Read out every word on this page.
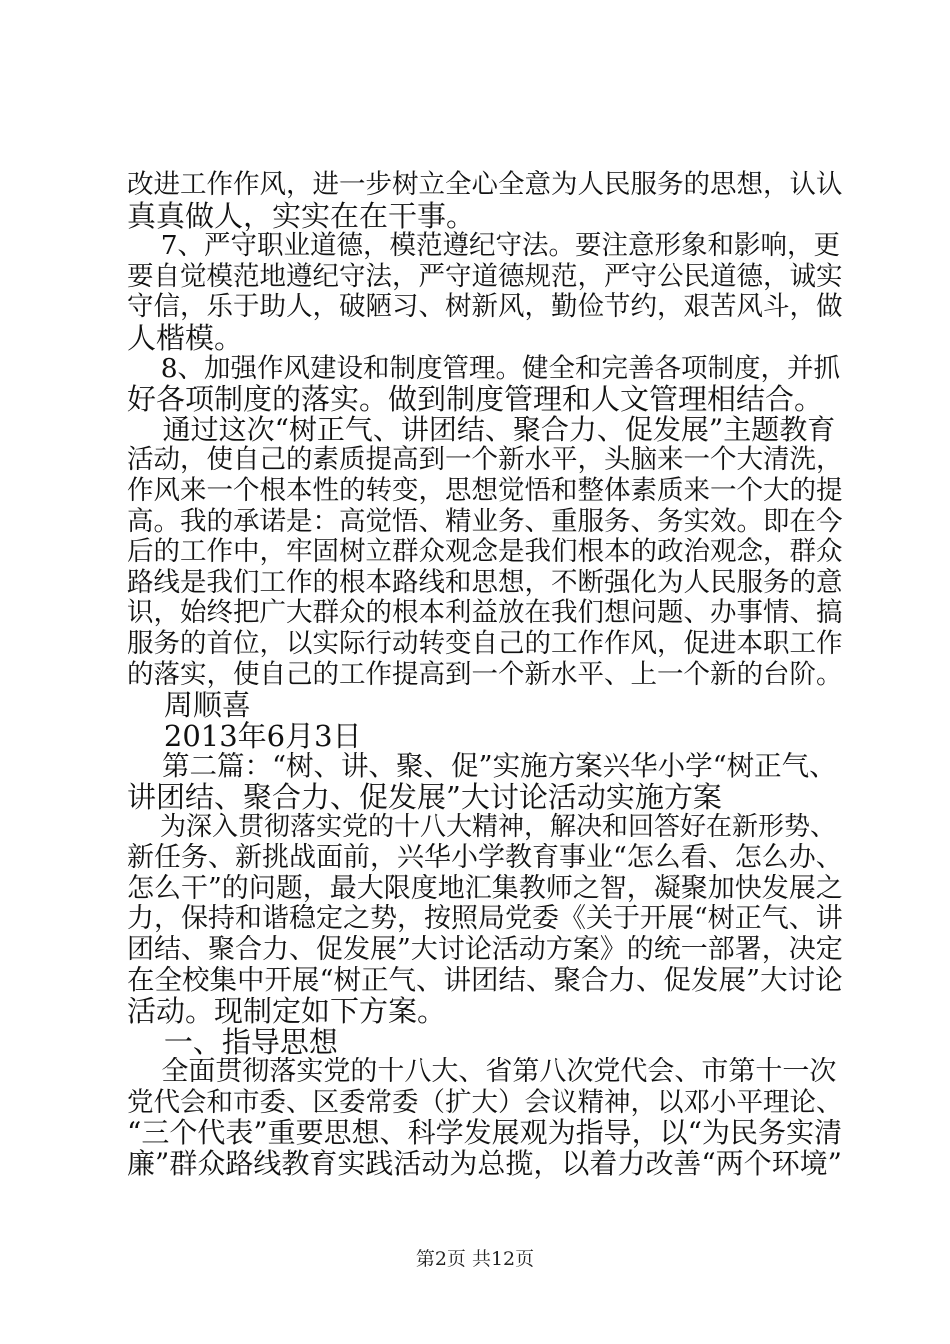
改进工作作风，进一步树立全心全意为人民服务的思想，认认
真真做人，实实在在干事。
7、严守职业道德，模范遵纪守法。要注意形象和影响，更
要自觉模范地遵纪守法，严守道德规范，严守公民道德，诚实
守信，乐于助人，破陋习、树新风，勤俭节约，艰苦风斗，做
人楷模。
8、加强作风建设和制度管理。健全和完善各项制度，并抓
好各项制度的落实。做到制度管理和人文管理相结合。
通过这次“树正气、讲团结、聚合力、促发展”主题教育
活动，使自己的素质提高到一个新水平，头脑来一个大清洗，
作风来一个根本性的转变，思想觉悟和整体素质来一个大的提
高。我的承诺是：高觉悟、精业务、重服务、务实效。即在今
后的工作中，牢固树立群众观念是我们根本的政治观念，群众
路线是我们工作的根本路线和思想，不断强化为人民服务的意
识，始终把广大群众的根本利益放在我们想问题、办事情、搞
服务的首位，以实际行动转变自己的工作作风，促进本职工作
的落实，使自己的工作提高到一个新水平、上一个新的台阶。
周顺喜
2013年6月3日
第二篇：“树、讲、聚、促”实施方案兴华小学“树正气、
讲团结、聚合力、促发展”大讨论活动实施方案
为深入贯彻落实党的十八大精神，解决和回答好在新形势、
新任务、新挑战面前，兴华小学教育事业“怎么看、怎么办、
怎么干”的问题，最大限度地汇集教师之智，凝聚加快发展之
力，保持和谐稳定之势，按照局党委《关于开展“树正气、讲
团结、聚合力、促发展”大讨论活动方案》的统一部署，决定
在全校集中开展“树正气、讲团结、聚合力、促发展”大讨论
活动。现制定如下方案。
一、指导思想
全面贯彻落实党的十八大、省第八次党代会、市第十一次
党代会和市委、区委常委（扩大）会议精神，以邓小平理论、
“三个代表”重要思想、科学发展观为指导，以“为民务实清
廉”群众路线教育实践活动为总揽，以着力改善“两个环境”
第2页 共12页
